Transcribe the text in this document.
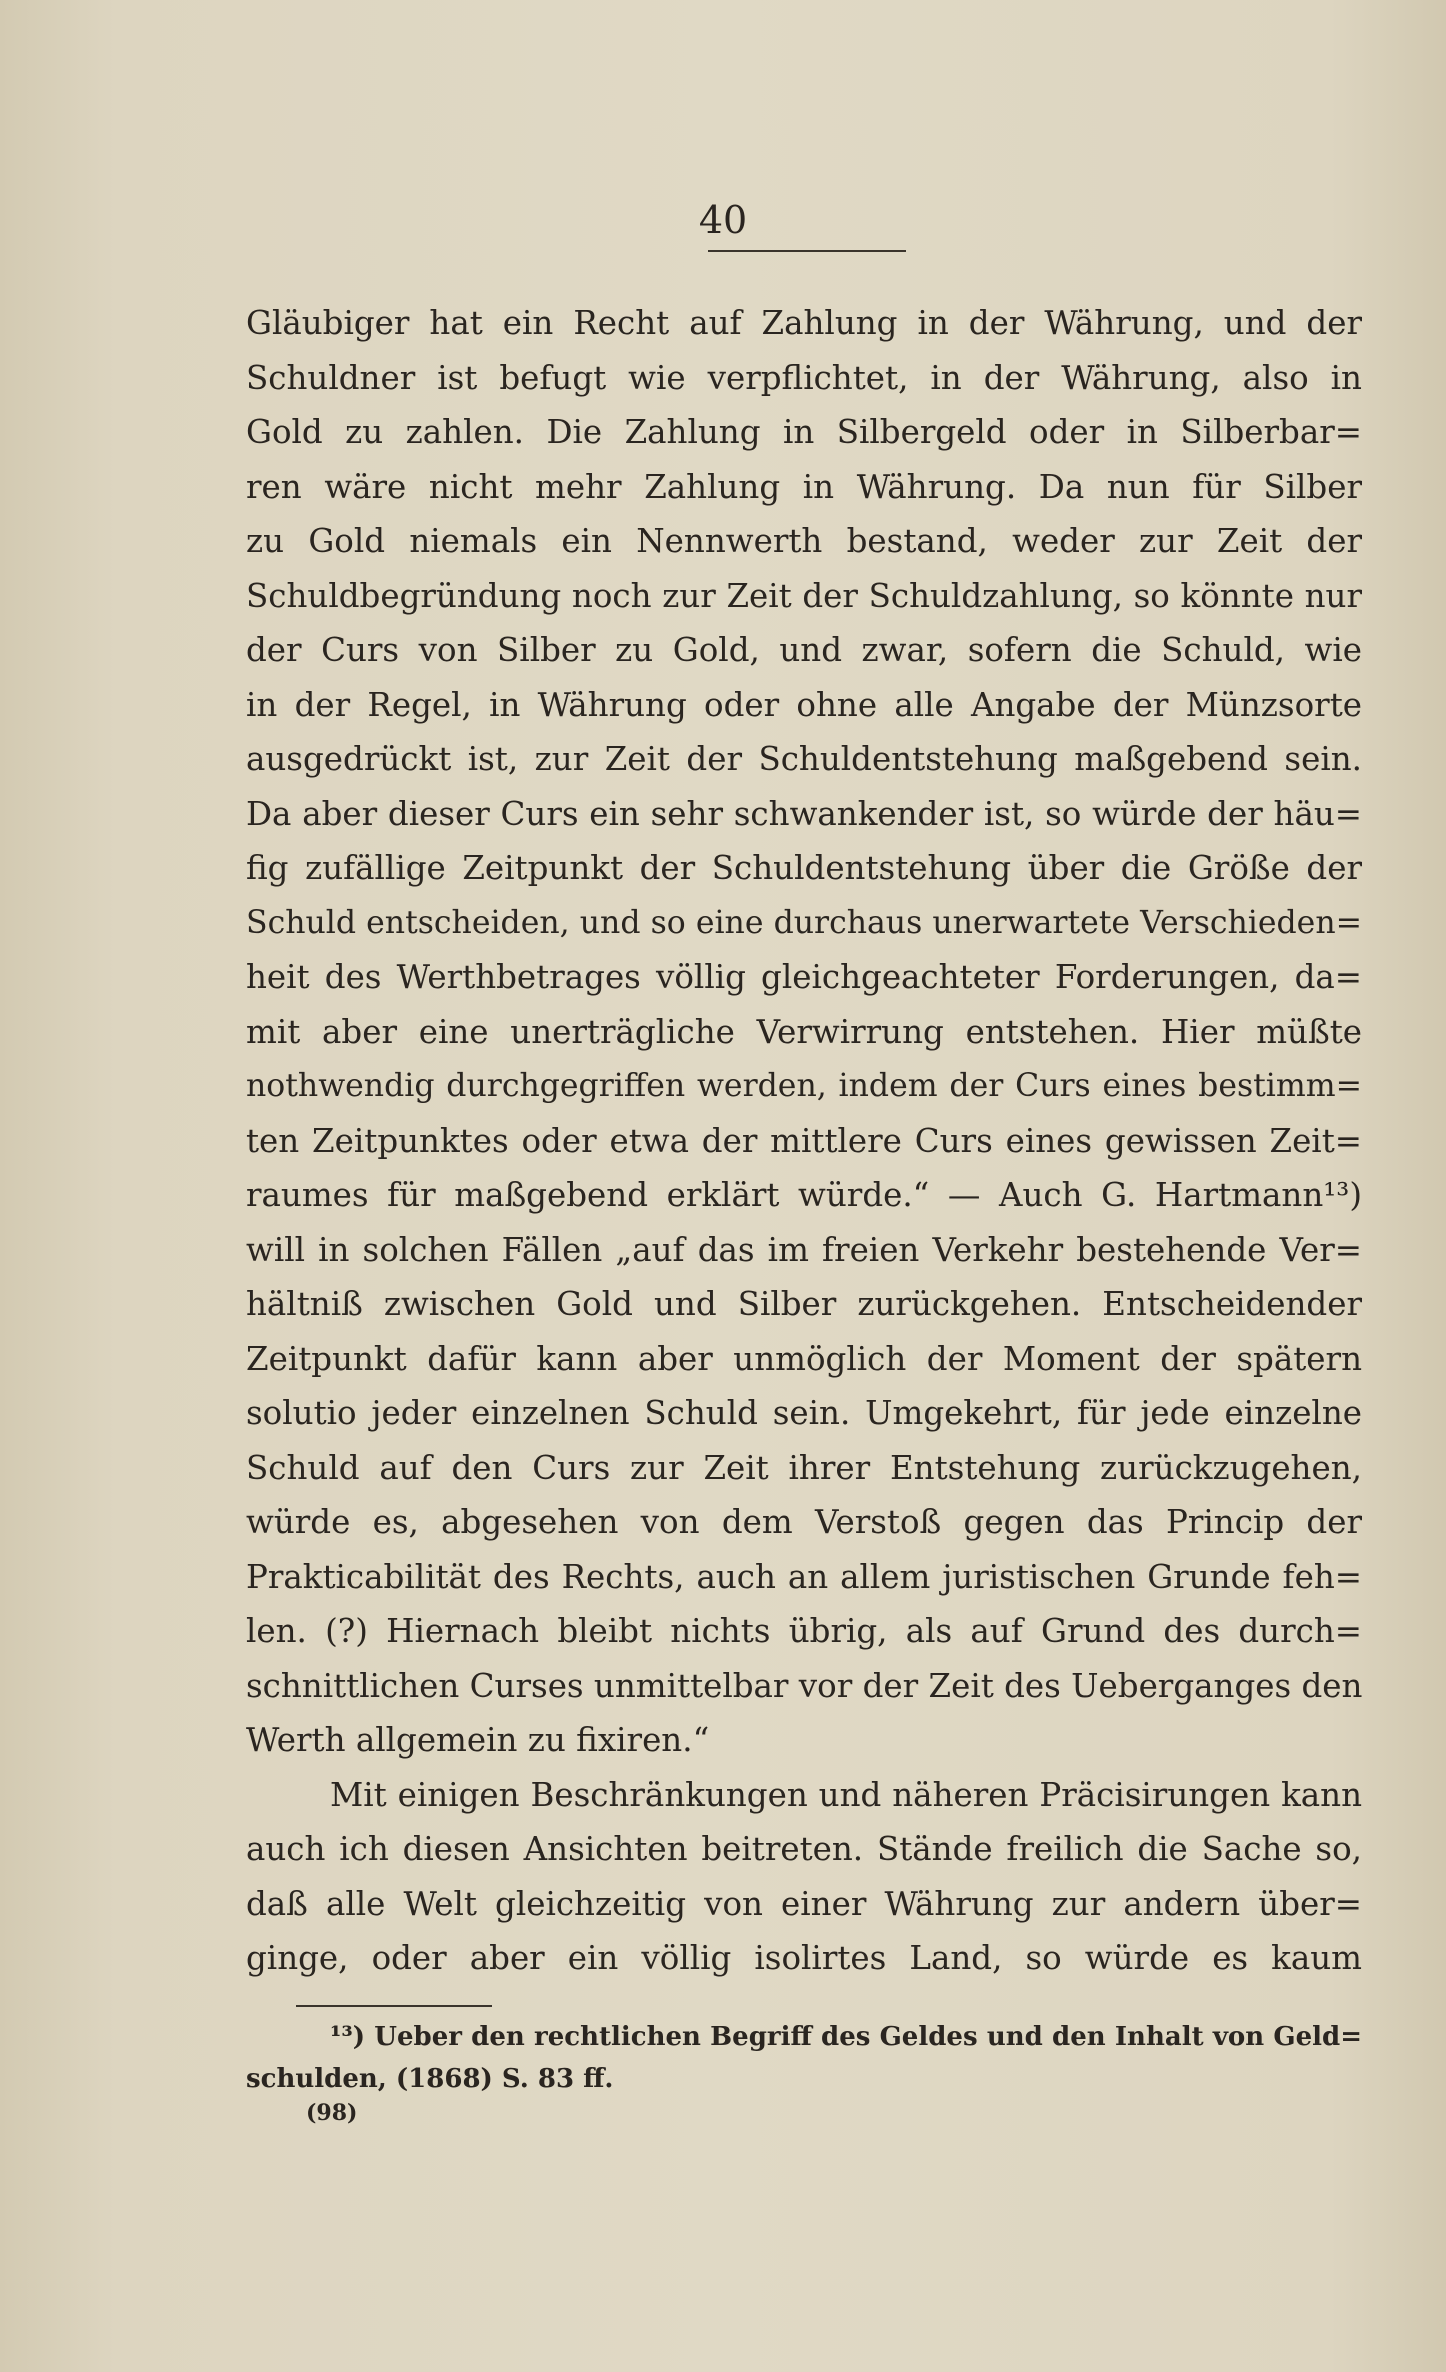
40
Gläubiger hat ein Recht auf Zahlung in der Währung, und der
Schuldner ist befugt wie verpflichtet, in der Währung, also in
Gold zu zahlen. Die Zahlung in Silbergeld oder in Silberbar=
ren wäre nicht mehr Zahlung in Währung. Da nun für Silber
zu Gold niemals ein Nennwerth bestand, weder zur Zeit der
Schuldbegründung noch zur Zeit der Schuldzahlung, so könnte nur
der Curs von Silber zu Gold, und zwar, sofern die Schuld, wie
in der Regel, in Währung oder ohne alle Angabe der Münzsorte
ausgedrückt ist, zur Zeit der Schuldentstehung maßgebend sein.
Da aber dieser Curs ein sehr schwankender ist, so würde der häu=
fig zufällige Zeitpunkt der Schuldentstehung über die Größe der
Schuld entscheiden, und so eine durchaus unerwartete Verschieden=
heit des Werthbetrages völlig gleichgeachteter Forderungen, da=
mit aber eine unerträgliche Verwirrung entstehen. Hier müßte
nothwendig durchgegriffen werden, indem der Curs eines bestimm=
ten Zeitpunktes oder etwa der mittlere Curs eines gewissen Zeit=
raumes für maßgebend erklärt würde.“ — Auch G. Hartmann¹³)
will in solchen Fällen „auf das im freien Verkehr bestehende Ver=
hältniß zwischen Gold und Silber zurückgehen. Entscheidender
Zeitpunkt dafür kann aber unmöglich der Moment der spätern
solutio jeder einzelnen Schuld sein. Umgekehrt, für jede einzelne
Schuld auf den Curs zur Zeit ihrer Entstehung zurückzugehen,
würde es, abgesehen von dem Verstoß gegen das Princip der
Prakticabilität des Rechts, auch an allem juristischen Grunde feh=
len. (?) Hiernach bleibt nichts übrig, als auf Grund des durch=
schnittlichen Curses unmittelbar vor der Zeit des Ueberganges den
Werth allgemein zu fixiren.“
Mit einigen Beschränkungen und näheren Präcisirungen kann
auch ich diesen Ansichten beitreten. Stände freilich die Sache so,
daß alle Welt gleichzeitig von einer Währung zur andern über=
ginge, oder aber ein völlig isolirtes Land, so würde es kaum
¹³) Ueber den rechtlichen Begriff des Geldes und den Inhalt von Geld=
schulden, (1868) S. 83 ff.
(98)
